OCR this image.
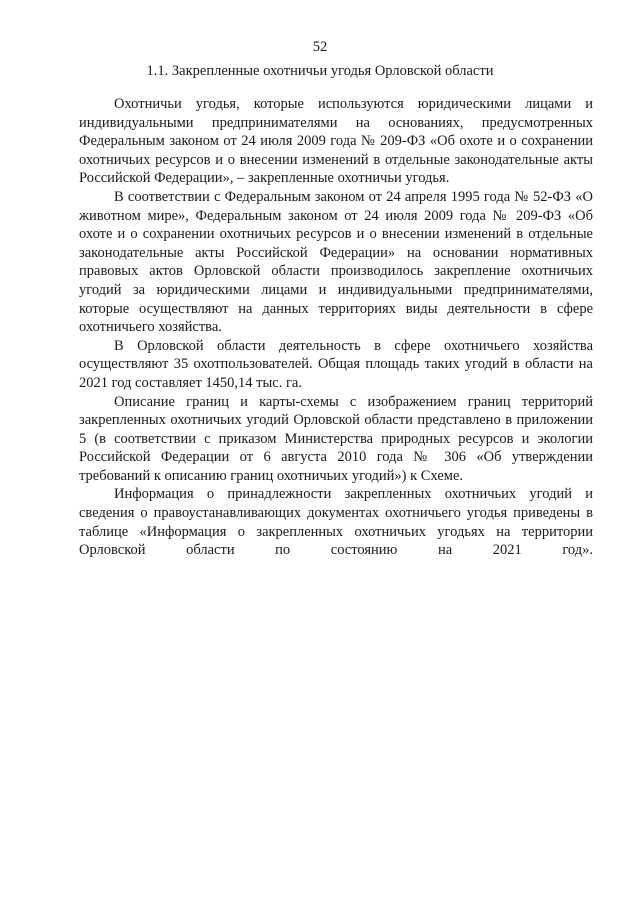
52
1.1. Закрепленные охотничьи угодья Орловской области

Охотничьи угодья, которые используются юридическими лицами и индивидуальными предпринимателями на основаниях, предусмотренных Федеральным законом от 24 июля 2009 года № 209-ФЗ «Об охоте и о сохранении охотничьих ресурсов и о внесении изменений в отдельные законодательные акты Российской Федерации», – закрепленные охотничьи угодья.

В соответствии с Федеральным законом от 24 апреля 1995 года № 52-ФЗ «О животном мире», Федеральным законом от 24 июля 2009 года № 209-ФЗ «Об охоте и о сохранении охотничьих ресурсов и о внесении изменений в отдельные законодательные акты Российской Федерации» на основании нормативных правовых актов Орловской области производилось закрепление охотничьих угодий за юридическими лицами и индивидуальными предпринимателями, которые осуществляют на данных территориях виды деятельности в сфере охотничьего хозяйства.

В Орловской области деятельность в сфере охотничьего хозяйства осуществляют 35 охотпользователей. Общая площадь таких угодий в области на 2021 год составляет 1450,14 тыс. га.

Описание границ и карты-схемы с изображением границ территорий закрепленных охотничьих угодий Орловской области представлено в приложении 5 (в соответствии с приказом Министерства природных ресурсов и экологии Российской Федерации от 6 августа 2010 года № 306 «Об утверждении требований к описанию границ охотничьих угодий») к Схеме.

Информация о принадлежности закрепленных охотничьих угодий и сведения о правоустанавливающих документах охотничьего угодья приведены в таблице «Информация о закрепленных охотничьих угодьях на территории Орловской области по состоянию на 2021 год».
